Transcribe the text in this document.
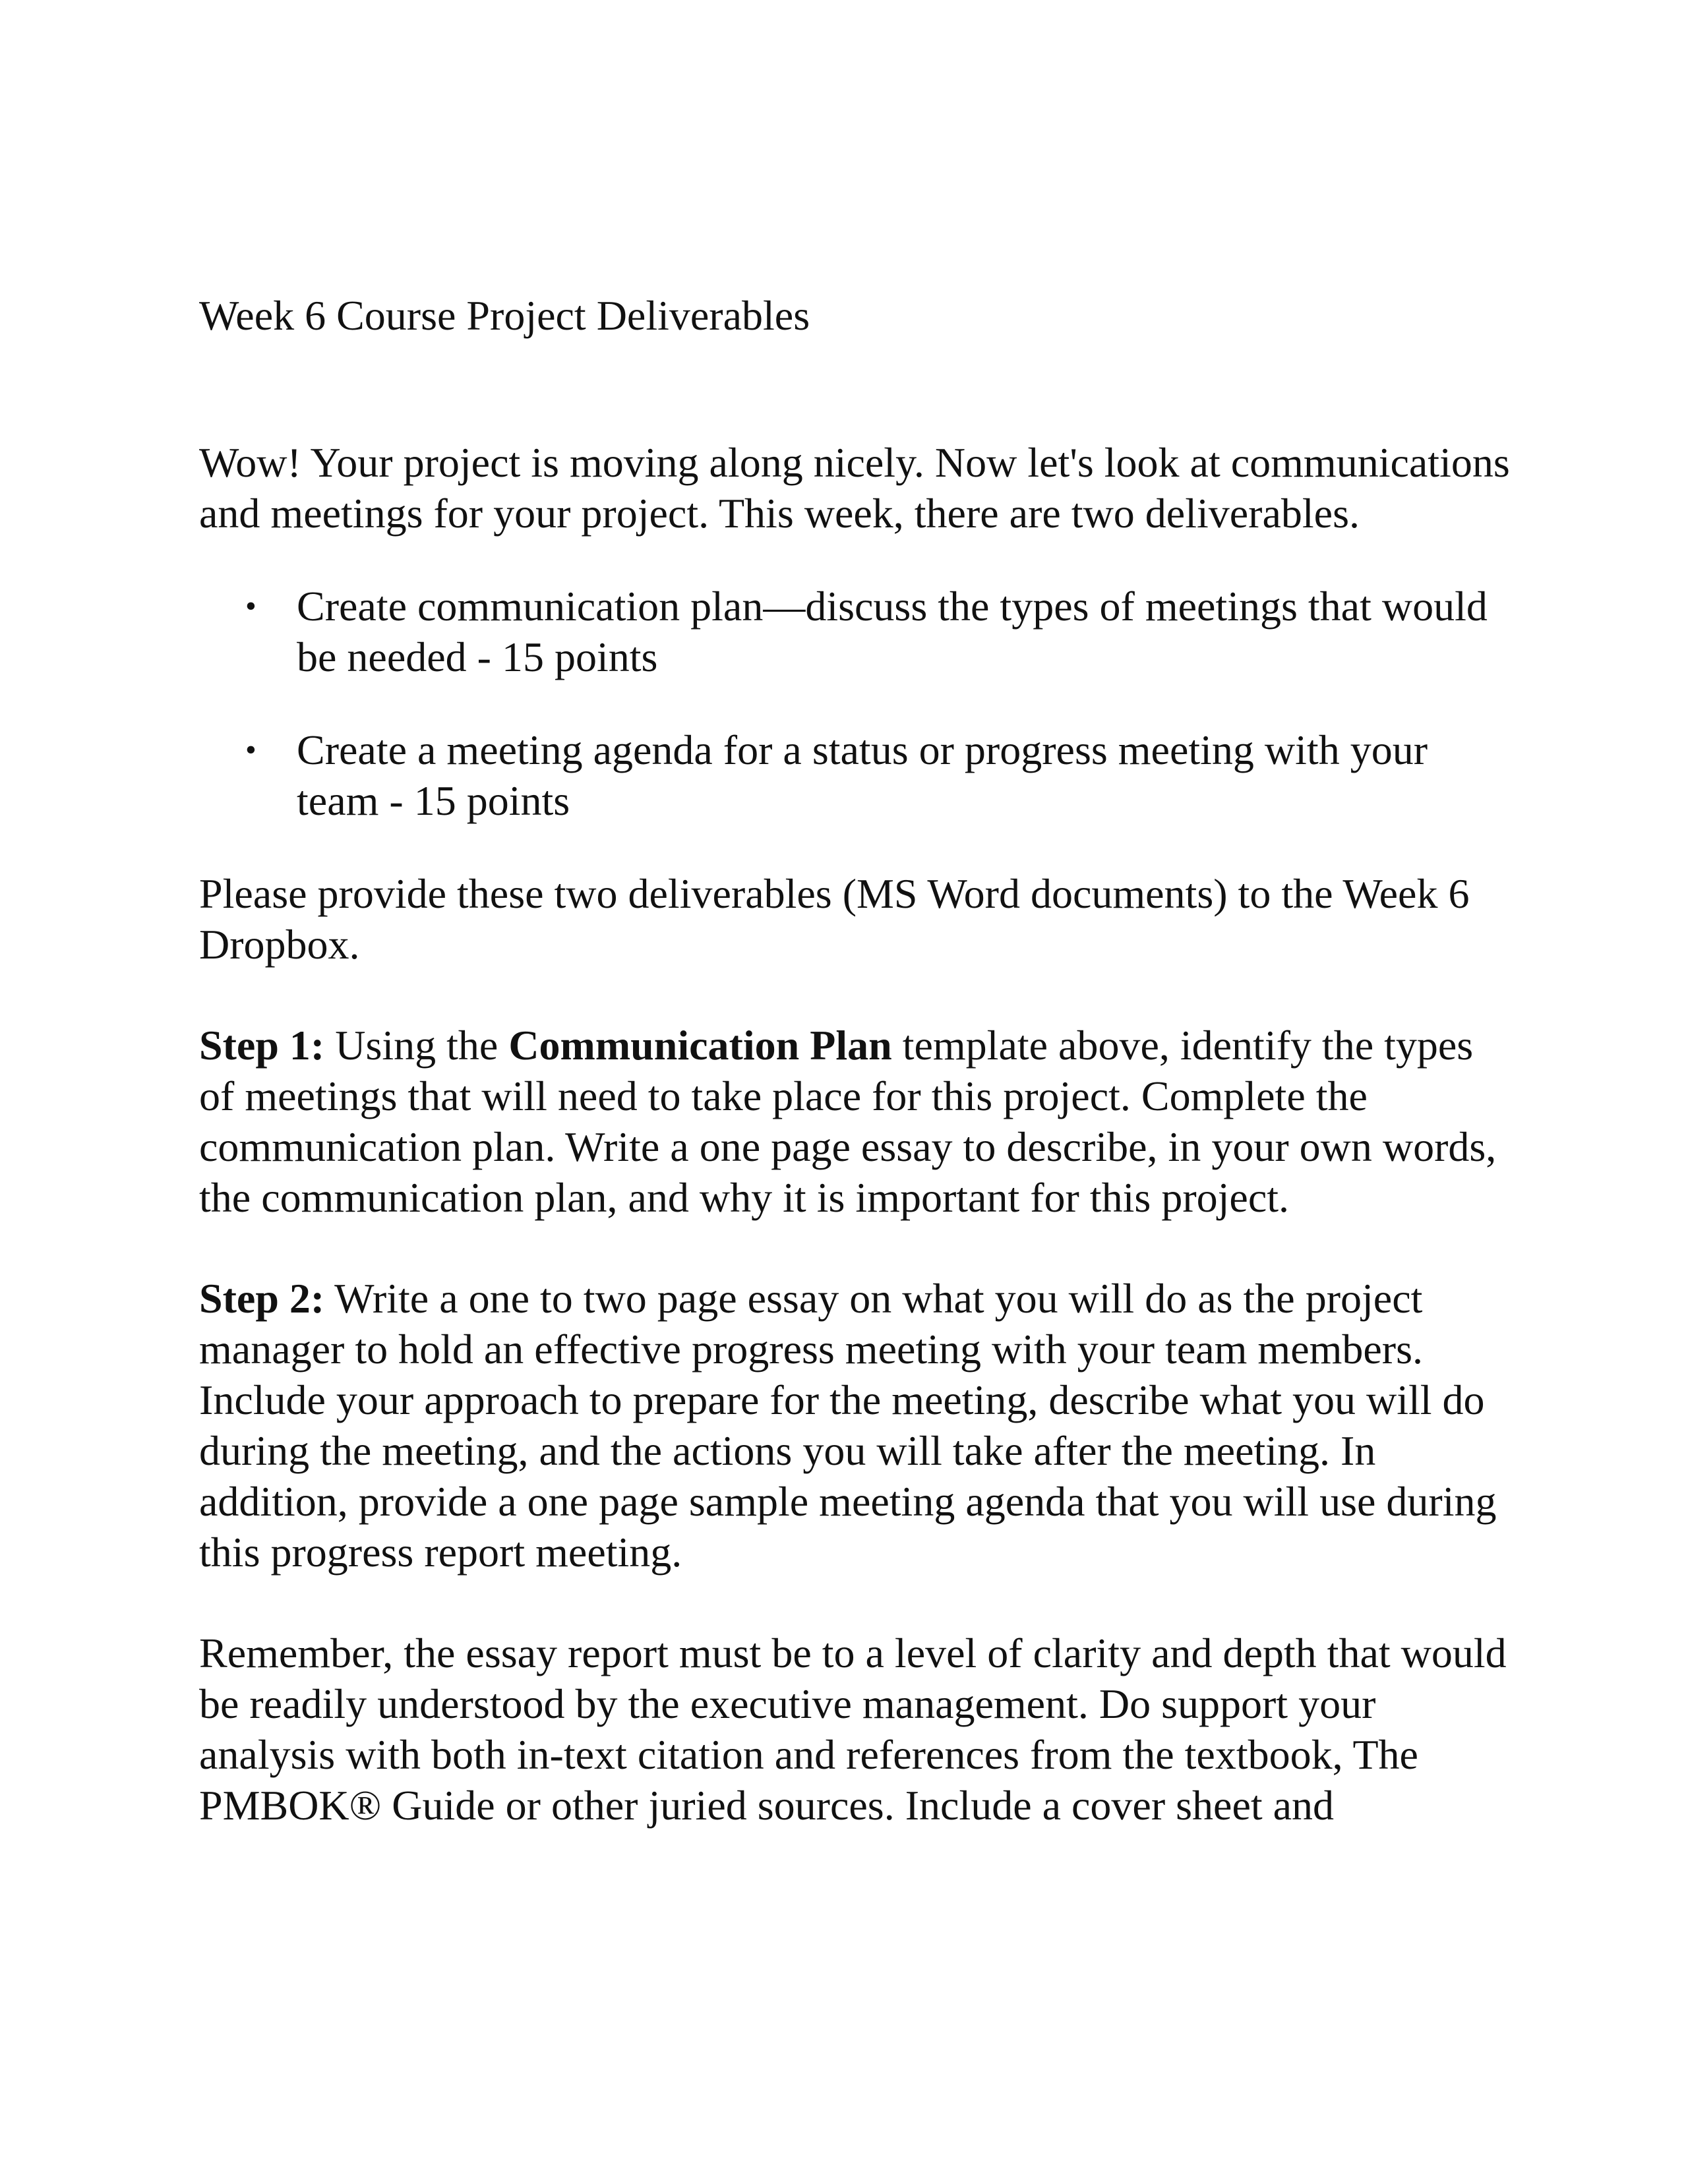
Week 6 Course Project Deliverables

Wow! Your project is moving along nicely. Now let's look at communications and meetings for your project. This week, there are two deliverables.

• Create communication plan—discuss the types of meetings that would be needed - 15 points
• Create a meeting agenda for a status or progress meeting with your team - 15 points

Please provide these two deliverables (MS Word documents) to the Week 6 Dropbox.

Step 1: Using the Communication Plan template above, identify the types of meetings that will need to take place for this project. Complete the communication plan. Write a one page essay to describe, in your own words, the communication plan, and why it is important for this project.

Step 2: Write a one to two page essay on what you will do as the project manager to hold an effective progress meeting with your team members. Include your approach to prepare for the meeting, describe what you will do during the meeting, and the actions you will take after the meeting. In addition, provide a one page sample meeting agenda that you will use during this progress report meeting.

Remember, the essay report must be to a level of clarity and depth that would be readily understood by the executive management. Do support your analysis with both in-text citation and references from the textbook, The PMBOK® Guide or other juried sources. Include a cover sheet and
